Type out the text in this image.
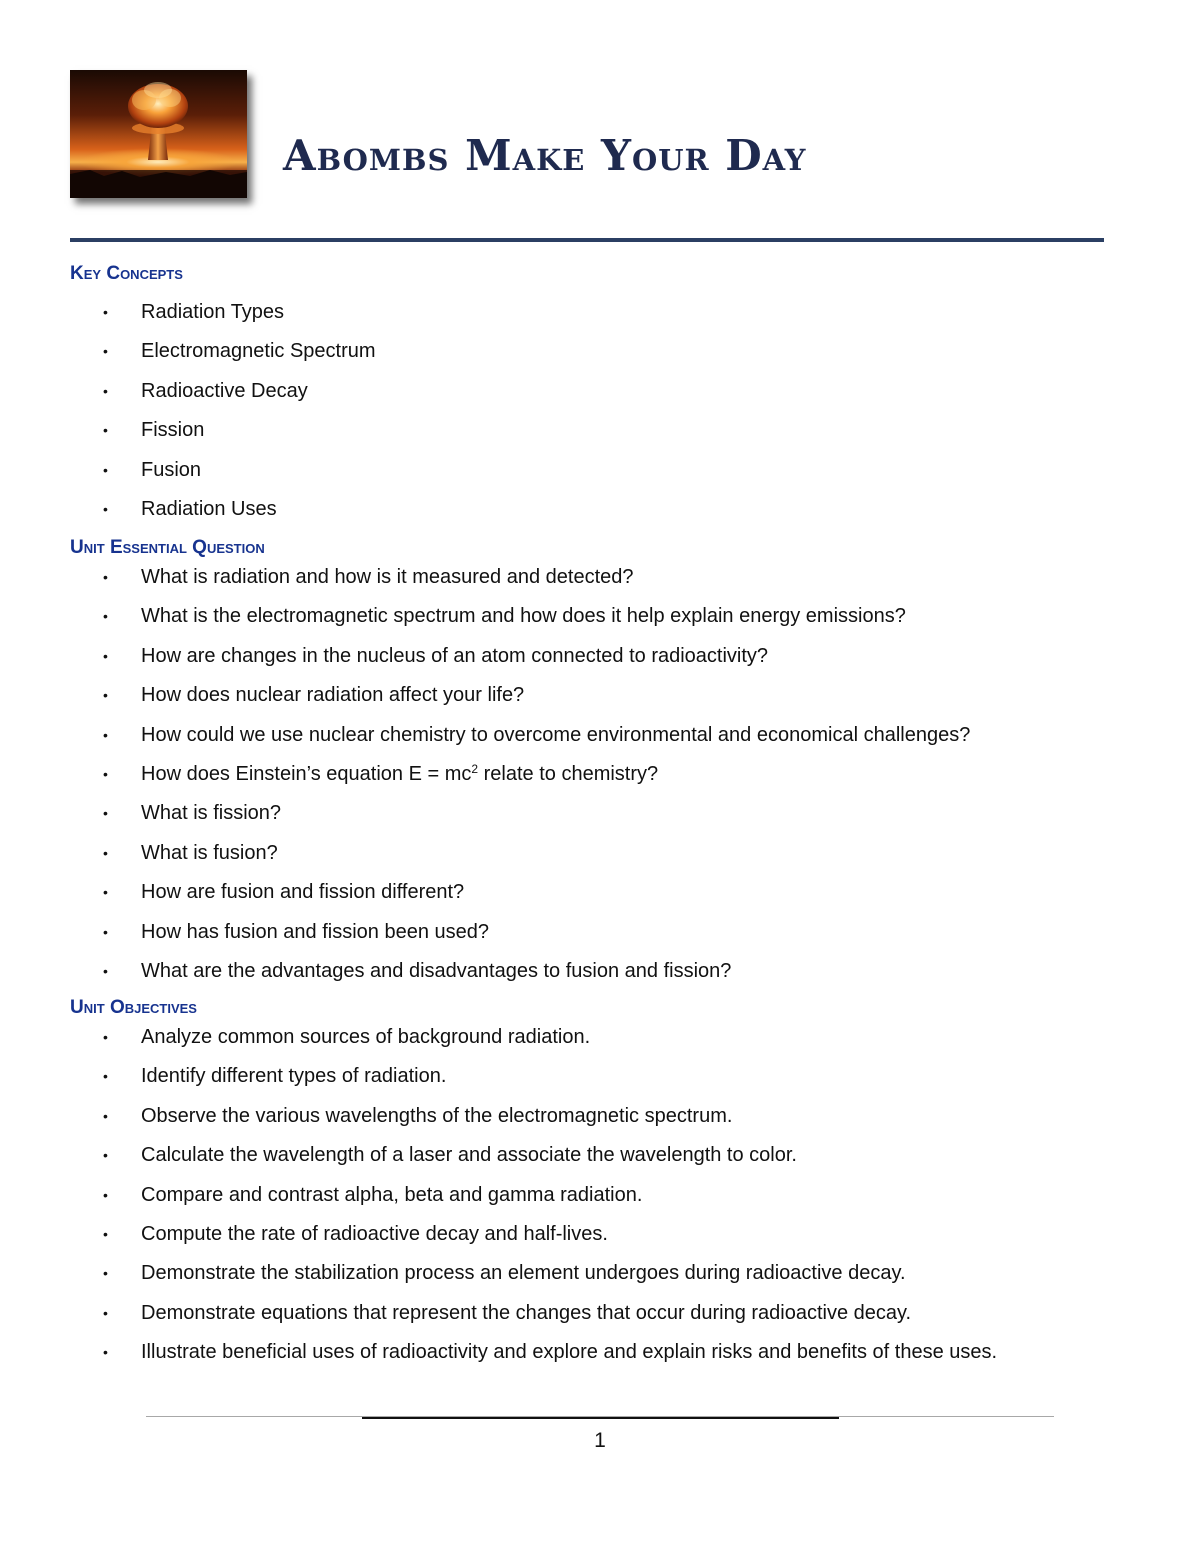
Abombs Make Your Day
Key Concepts
• Radiation Types
• Electromagnetic Spectrum
• Radioactive Decay
• Fission
• Fusion
• Radiation Uses
Unit Essential Question
• What is radiation and how is it measured and detected?
• What is the electromagnetic spectrum and how does it help explain energy emissions?
• How are changes in the nucleus of an atom connected to radioactivity?
• How does nuclear radiation affect your life?
• How could we use nuclear chemistry to overcome environmental and economical challenges?
• How does Einstein’s equation $E = mc^2$ relate to chemistry?
• What is fission?
• What is fusion?
• How are fusion and fission different?
• How has fusion and fission been used?
• What are the advantages and disadvantages to fusion and fission?
Unit Objectives
• Analyze common sources of background radiation.
• Identify different types of radiation.
• Observe the various wavelengths of the electromagnetic spectrum.
• Calculate the wavelength of a laser and associate the wavelength to color.
• Compare and contrast alpha, beta and gamma radiation.
• Compute the rate of radioactive decay and half-lives.
• Demonstrate the stabilization process an element undergoes during radioactive decay.
• Demonstrate equations that represent the changes that occur during radioactive decay.
• Illustrate beneficial uses of radioactivity and explore and explain risks and benefits of these uses.
1
